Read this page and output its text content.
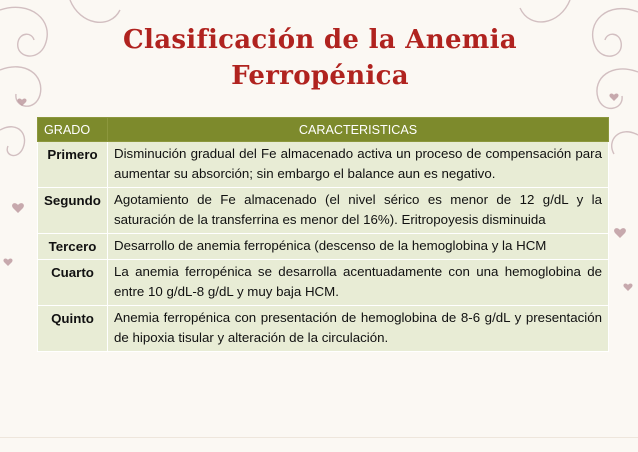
Clasificación de la Anemia
Ferropénica
GRADO	CARACTERISTICAS
Primero	Disminución gradual del Fe almacenado activa un proceso de compensación para aumentar su absorción; sin embargo el balance aun es negativo.
Segundo	Agotamiento de Fe almacenado (el nivel sérico es menor de 12 g/dL y la saturación de la transferrina es menor del 16%). Eritropoyesis disminuida
Tercero	Desarrollo de anemia ferropénica (descenso de la hemoglobina y la HCM
Cuarto	La anemia ferropénica se desarrolla acentuadamente con una hemoglobina de entre 10 g/dL-8 g/dL y muy baja HCM.
Quinto	Anemia ferropénica con presentación de hemoglobina de 8-6 g/dL y presentación de hipoxia tisular y alteración de la circulación.
